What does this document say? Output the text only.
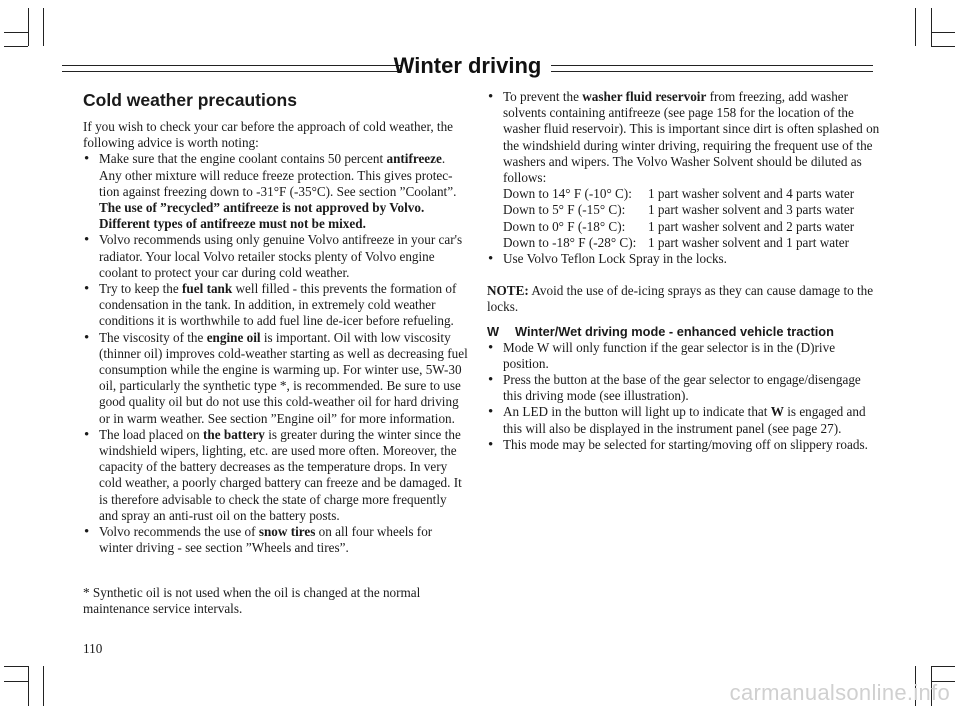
Winter driving
Cold weather precautions

If you wish to check your car before the approach of cold weather, the following advice is worth noting:

• Make sure that the engine coolant contains 50 percent antifreeze. Any other mixture will reduce freeze protection. This gives protec-tion against freezing down to -31°F (-35°C). See section ”Coolant”. The use of ”recycled” antifreeze is not approved by Volvo. Different types of antifreeze must not be mixed.
• Volvo recommends using only genuine Volvo antifreeze in your car's radiator. Your local Volvo retailer stocks plenty of Volvo engine coolant to protect your car during cold weather.
• Try to keep the fuel tank well filled - this prevents the formation of condensation in the tank. In addition, in extremely cold weather conditions it is worthwhile to add fuel line de-icer before refueling.
• The viscosity of the engine oil is important. Oil with low viscosity (thinner oil) improves cold-weather starting as well as decreasing fuel consumption while the engine is warming up. For winter use, 5W-30 oil, particularly the synthetic type *, is recommended. Be sure to use good quality oil but do not use this cold-weather oil for hard driving or in warm weather. See section ”Engine oil” for more information.
• The load placed on the battery is greater during the winter since the windshield wipers, lighting, etc. are used more often. Moreover, the capacity of the battery decreases as the temperature drops. In very cold weather, a poorly charged battery can freeze and be damaged. It is therefore advisable to check the state of charge more frequently and spray an anti-rust oil on the battery posts.
• Volvo recommends the use of snow tires on all four wheels for winter driving - see section ”Wheels and tires”.
* Synthetic oil is not used when the oil is changed at the normal maintenance service intervals.
• To prevent the washer fluid reservoir from freezing, add washer solvents containing antifreeze (see page 158 for the location of the washer fluid reservoir). This is important since dirt is often splashed on the windshield during winter driving, requiring the frequent use of the washers and wipers. The Volvo Washer Solvent should be diluted as follows:
Down to 14° F (-10° C):	1 part washer solvent and 4 parts water
Down to 5° F (-15° C):	1 part washer solvent and 3 parts water
Down to 0° F (-18° C):	1 part washer solvent and 2 parts water
Down to -18° F (-28° C): 1 part washer solvent and 1 part water
• Use Volvo Teflon Lock Spray in the locks.

NOTE: Avoid the use of de-icing sprays as they can cause damage to the locks.

W Winter/Wet driving mode - enhanced vehicle traction
• Mode W will only function if the gear selector is in the (D)rive position.
• Press the button at the base of the gear selector to engage/disengage this driving mode (see illustration).
• An LED in the button will light up to indicate that W is engaged and this will also be displayed in the instrument panel (see page 27).
• This mode may be selected for starting/moving off on slippery roads.
110
carmanualsonline.info
